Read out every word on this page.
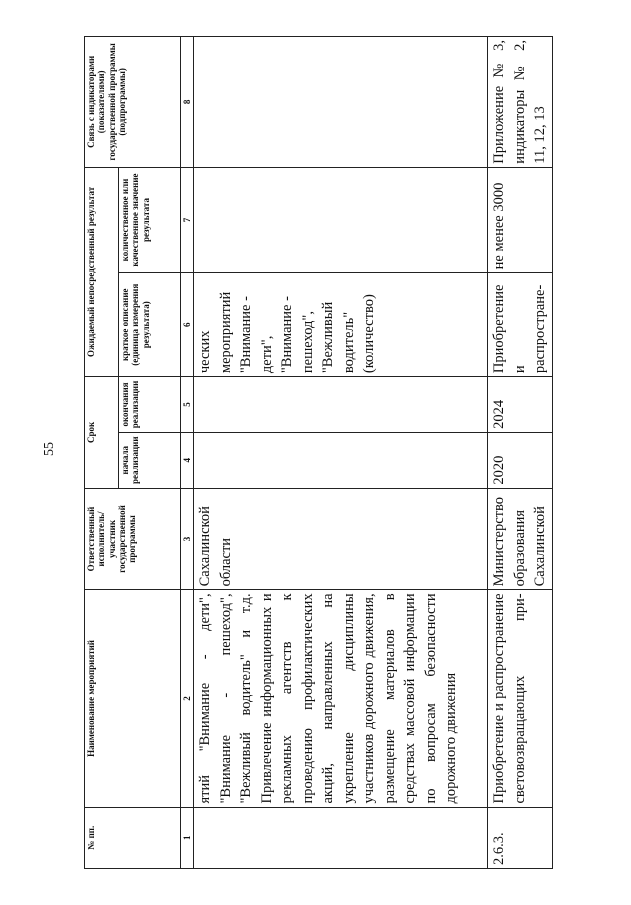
55
№ пп.	Наименование мероприятий	Ответственный исполнитель/ участник государственной программы	Срок		Ожидаемый непосредственный результат		Связь с индикаторами (показателями) государственной программы (подпрограммы)
			начала реализации	окончания реализации	краткое описание (единица измерения результата)	количественное или качественное значение результата	
1	2	3	4	5	6	7	8
	ятий "Внимание - дети", "Внимание - пешеход", "Вежливый водитель" и т.д. Привлечение информационных и рекламных агентств к проведению профилактических акций, направленных на укрепление дисциплины участников дорожного движения, размещение материалов в средствах массовой информации по вопросам безопасности дорожного движения	Сахалинской области			ческих мероприятий "Внимание - дети", "Внимание - пешеход", "Вежливый водитель" (количество)		
2.6.3.	Приобретение и распространение световозвращающих при-	Министерство образования Сахалинской	2020	2024	Приобретение и распростране-	не менее 3000	Приложение № 3, индикаторы № 2, 11, 12, 13
